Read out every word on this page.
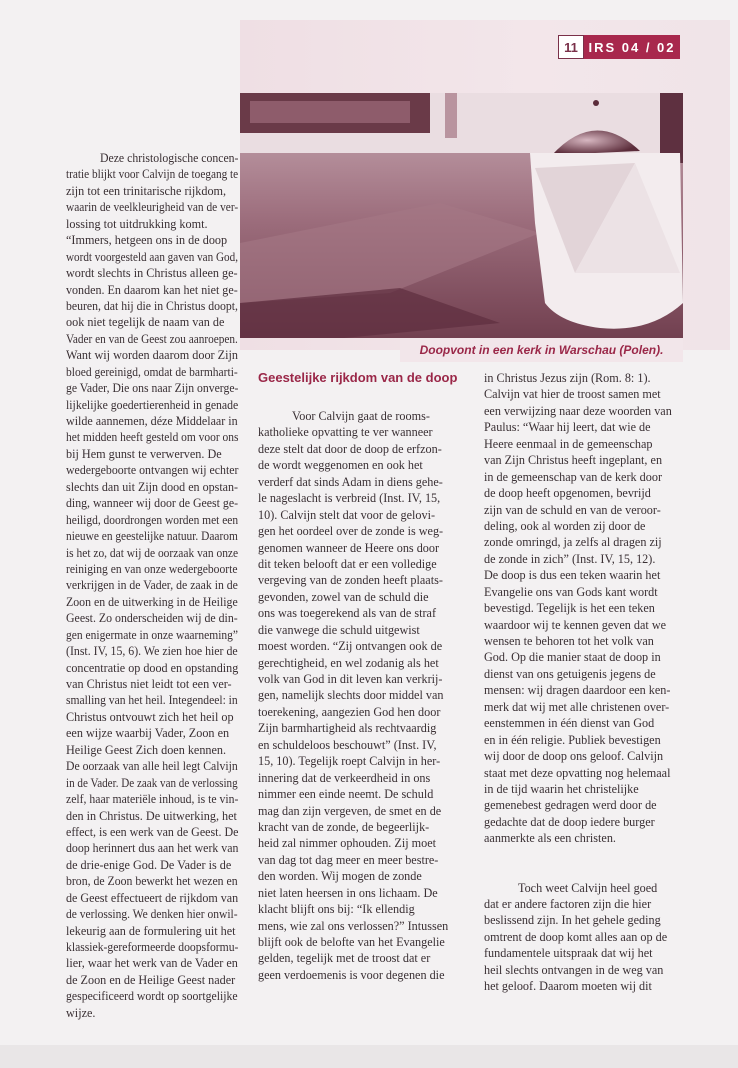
11 IRS 04 / 02
Doopvont in een kerk in Warschau (Polen).
Deze christologische concen-
tratie blijkt voor Calvijn de toegang te
zijn tot een trinitarische rijkdom,
waarin de veelkleurigheid van de ver-
lossing tot uitdrukking komt.
“Immers, hetgeen ons in de doop
wordt voorgesteld aan gaven van God,
wordt slechts in Christus alleen ge-
vonden. En daarom kan het niet ge-
beuren, dat hij die in Christus doopt,
ook niet tegelijk de naam van de
Vader en van de Geest zou aanroepen.
Want wij worden daarom door Zijn
bloed gereinigd, omdat de barmharti-
ge Vader, Die ons naar Zijn onverge-
lijkelijke goedertierenheid in genade
wilde aannemen, déze Middelaar in
het midden heeft gesteld om voor ons
bij Hem gunst te verwerven. De
wedergeboorte ontvangen wij echter
slechts dan uit Zijn dood en opstan-
ding, wanneer wij door de Geest ge-
heiligd, doordrongen worden met een
nieuwe en geestelijke natuur. Daarom
is het zo, dat wij de oorzaak van onze
reiniging en van onze wedergeboorte
verkrijgen in de Vader, de zaak in de
Zoon en de uitwerking in de Heilige
Geest. Zo onderscheiden wij de din-
gen enigermate in onze waarneming”
(Inst. IV, 15, 6). We zien hoe hier de
concentratie op dood en opstanding
van Christus niet leidt tot een ver-
smalling van het heil. Integendeel: in
Christus ontvouwt zich het heil op
een wijze waarbij Vader, Zoon en
Heilige Geest Zich doen kennen.
De oorzaak van alle heil legt Calvijn
in de Vader. De zaak van de verlossing
zelf, haar materiële inhoud, is te vin-
den in Christus. De uitwerking, het
effect, is een werk van de Geest. De
doop herinnert dus aan het werk van
de drie-enige God. De Vader is de
bron, de Zoon bewerkt het wezen en
de Geest effectueert de rijkdom van
de verlossing. We denken hier onwil-
lekeurig aan de formulering uit het
klassiek-gereformeerde doopsformu-
lier, waar het werk van de Vader en
de Zoon en de Heilige Geest nader
gespecificeerd wordt op soortgelijke
wijze.
Geestelijke rijkdom van de doop
Voor Calvijn gaat de rooms-
katholieke opvatting te ver wanneer
deze stelt dat door de doop de erfzon-
de wordt weggenomen en ook het
verderf dat sinds Adam in diens gehe-
le nageslacht is verbreid (Inst. IV, 15,
10). Calvijn stelt dat voor de gelovi-
gen het oordeel over de zonde is weg-
genomen wanneer de Heere ons door
dit teken belooft dat er een volledige
vergeving van de zonden heeft plaats-
gevonden, zowel van de schuld die
ons was toegerekend als van de straf
die vanwege die schuld uitgewist
moest worden. “Zij ontvangen ook de
gerechtigheid, en wel zodanig als het
volk van God in dit leven kan verkrij-
gen, namelijk slechts door middel van
toerekening, aangezien God hen door
Zijn barmhartigheid als rechtvaardig
en schuldeloos beschouwt” (Inst. IV,
15, 10). Tegelijk roept Calvijn in her-
innering dat de verkeerdheid in ons
nimmer een einde neemt. De schuld
mag dan zijn vergeven, de smet en de
kracht van de zonde, de begeerlijk-
heid zal nimmer ophouden. Zij moet
van dag tot dag meer en meer bestre-
den worden. Wij mogen de zonde
niet laten heersen in ons lichaam. De
klacht blijft ons bij: “Ik ellendig
mens, wie zal ons verlossen?” Intussen
blijft ook de belofte van het Evangelie
gelden, tegelijk met de troost dat er
geen verdoemenis is voor degenen die
in Christus Jezus zijn (Rom. 8: 1).
Calvijn vat hier de troost samen met
een verwijzing naar deze woorden van
Paulus: “Waar hij leert, dat wie de
Heere eenmaal in de gemeenschap
van Zijn Christus heeft ingeplant, en
in de gemeenschap van de kerk door
de doop heeft opgenomen, bevrijd
zijn van de schuld en van de veroor-
deling, ook al worden zij door de
zonde omringd, ja zelfs al dragen zij
de zonde in zich” (Inst. IV, 15, 12).
De doop is dus een teken waarin het
Evangelie ons van Gods kant wordt
bevestigd. Tegelijk is het een teken
waardoor wij te kennen geven dat we
wensen te behoren tot het volk van
God. Op die manier staat de doop in
dienst van ons getuigenis jegens de
mensen: wij dragen daardoor een ken-
merk dat wij met alle christenen over-
eenstemmen in één dienst van God
en in één religie. Publiek bevestigen
wij door de doop ons geloof. Calvijn
staat met deze opvatting nog helemaal
in de tijd waarin het christelijke
gemenebest gedragen werd door de
gedachte dat de doop iedere burger
aanmerkte als een christen.
Toch weet Calvijn heel goed
dat er andere factoren zijn die hier
beslissend zijn. In het gehele geding
omtrent de doop komt alles aan op de
fundamentele uitspraak dat wij het
heil slechts ontvangen in de weg van
het geloof. Daarom moeten wij dit
